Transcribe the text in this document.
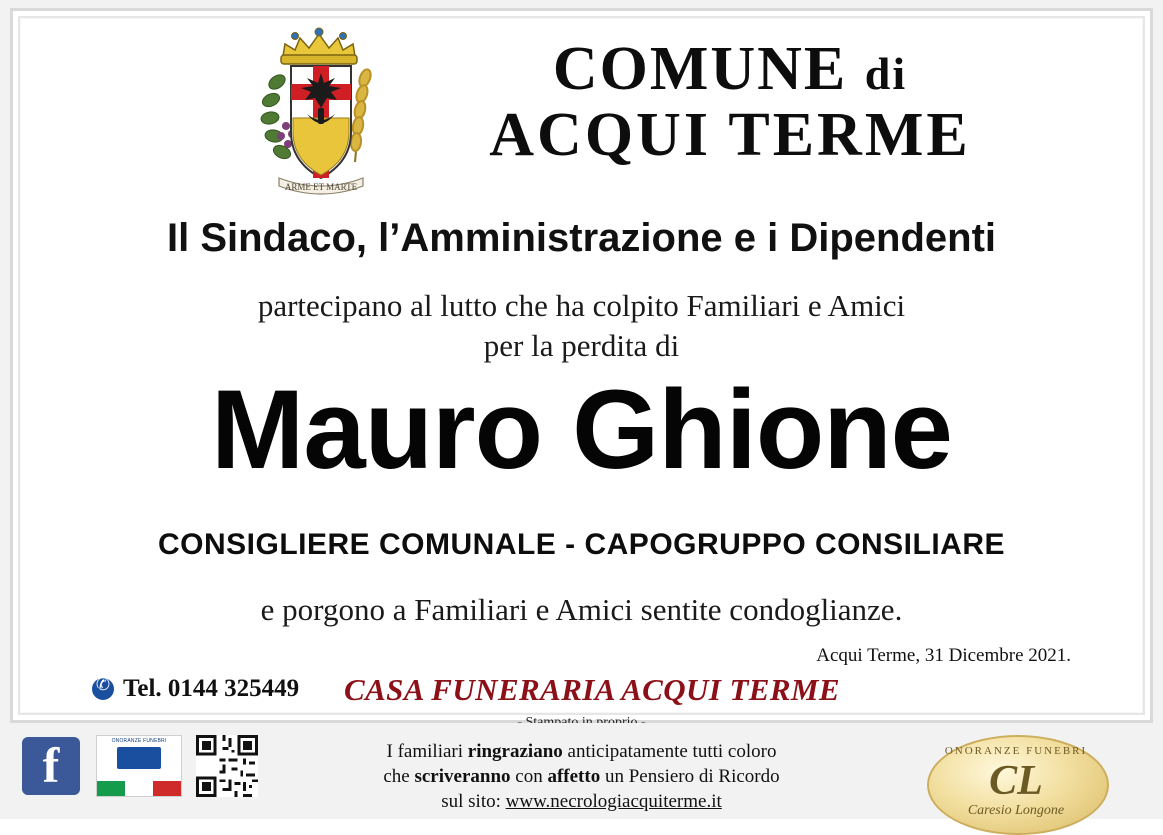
ARME ET MARTE
COMUNE di
ACQUI TERME
Il Sindaco, l’Amministrazione e i Dipendenti
partecipano al lutto che ha colpito Familiari e Amici
per la perdita di
Mauro Ghione
CONSIGLIERE COMUNALE - CAPOGRUPPO CONSILIARE
e porgono a Familiari e Amici sentite condoglianze.
Acqui Terme, 31 Dicembre 2021.
✆
Tel. 0144 325449 CASA FUNERARIA ACQUI TERME
f	ONORANZE FUNEBRI	I familiari ringraziano anticipatamente tutti coloro
che scriveranno con affetto un Pensiero di Ricordo
sul sito: www.necrologiacquiterme.it
ONORANZE FUNEBRI
CL
Caresio Longone
